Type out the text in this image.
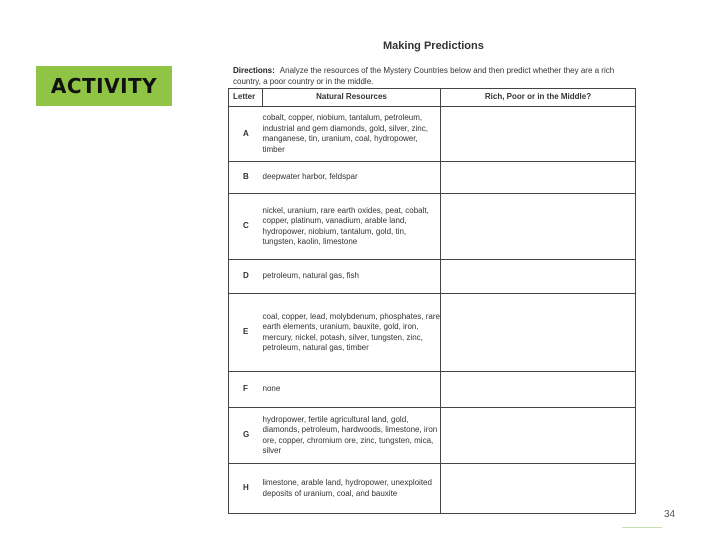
ACTIVITY
Making Predictions
Directions: Analyze the resources of the Mystery Countries below and then predict whether they are a rich country, a poor country or in the middle.
Letter	Natural Resources	Rich, Poor or in the Middle?
A	cobalt, copper, niobium, tantalum, petroleum, industrial and gem diamonds, gold, silver, zinc, manganese, tin, uranium, coal, hydropower, timber	
B	deepwater harbor, feldspar	
C	nickel, uranium, rare earth oxides, peat, cobalt, copper, platinum, vanadium, arable land, hydropower, niobium, tantalum, gold, tin, tungsten, kaolin, limestone	
D	petroleum, natural gas, fish	
E	coal, copper, lead, molybdenum, phosphates, rare earth elements, uranium, bauxite, gold, iron, mercury, nickel, potash, silver, tungsten, zinc, petroleum, natural gas, timber	
F	none	
G	hydropower, fertile agricultural land, gold, diamonds, petroleum, hardwoods, limestone, iron ore, copper, chromium ore, zinc, tungsten, mica, silver	
H	limestone, arable land, hydropower, unexploited deposits of uranium, coal, and bauxite	
34
